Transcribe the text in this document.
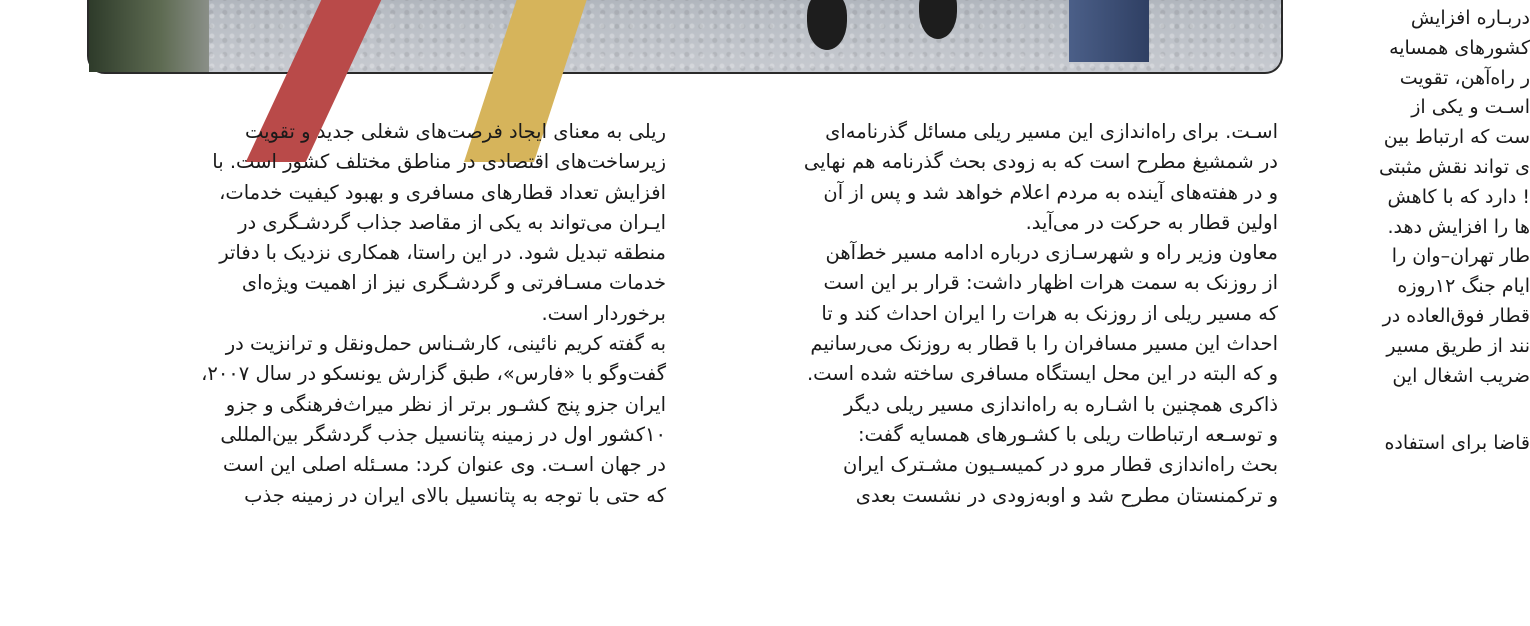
ریلی به معنای ایجاد فرصت‌های شغلی جدید و تقویت

زیرساخت‌های اقتصادی در مناطق مختلف کشور است. با

افزایش تعداد قطارهای مسافری و بهبود کیفیت خدمات،

ایـران می‌تواند به یکی از مقاصد جذاب گردشـگری در

منطقه تبدیل شود. در این راستا، همکاری نزدیک با دفاتر

خدمات مسـافرتی و گردشـگری نیز از اهمیت ویژه‌ای

برخوردار است.

به گفته کریم نائینی، کارشـناس حمل‌ونقل و ترانزیت در

گفت‌وگو با «فارس»، طبق گزارش یونسکو در سال ۲۰۰۷،

ایران جزو پنج کشـور برتر از نظر میراث‌فرهنگی و جزو

۱۰کشور اول در زمینه پتانسیل جذب گردشگر بین‌المللی

در جهان اسـت. وی عنوان کرد: مسـئله اصلی این است

که حتی با توجه به پتانسیل بالای ایران در زمینه جذب

اسـت. برای راه‌اندازی این مسیر ریلی مسائل گذرنامه‌ای

در شمشیغ مطرح است که به زودی بحث گذرنامه هم نهایی

و در هفته‌های آینده به مردم اعلام خواهد شد و پس از آن

اولین قطار به حرکت در می‌آید.

معاون وزیر راه و شهرسـازی درباره ادامه مسیر خط‌آهن

از روزنک به سمت هرات اظهار داشت: قرار بر این است

که مسیر ریلی از روزنک به هرات را ایران احداث کند و تا

احداث این مسیر مسافران را با قطار به روزنک می‌رسانیم

و که البته در این محل ایستگاه مسافری ساخته شده است.

ذاکری همچنین با اشـاره به راه‌اندازی مسیر ریلی دیگر

و توسـعه ارتباطات ریلی با کشـورهای همسایه گفت:

بحث راه‌اندازی قطار مرو در کمیسـیون مشـترک ایران

و ترکمنستان مطرح شد و اوبه‌زودی در نشست بعدی

دربـاره افزایش

کشورهای همسایه

ر راه‌آهن، تقویت

اسـت و یکی از

ست که ارتباط بین

ی تواند نقش مثبتی

! دارد که با کاهش

ها را افزایش دهد.

طار تهران–وان را

ایام جنگ ۱۲روزه

قطار فوق‌العاده در

نند از طریق مسیر

ضریب اشغال این

قاضا برای استفاده
